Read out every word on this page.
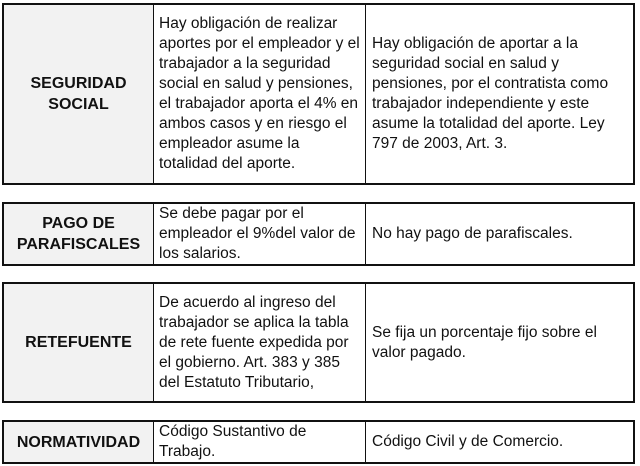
SEGURIDAD SOCIAL
Hay obligación de realizar aportes por el empleador y el trabajador a la seguridad social en salud y pensiones, el trabajador aporta el 4% en ambos casos y en riesgo el empleador asume la totalidad del aporte.
Hay obligación de aportar a la seguridad social en salud y pensiones, por el contratista como trabajador independiente y este asume la totalidad del aporte. Ley 797 de 2003, Art. 3.
PAGO DE PARAFISCALES
Se debe pagar por el empleador el 9%del valor de los salarios.
No hay pago de parafiscales.
RETEFUENTE
De acuerdo al ingreso del trabajador se aplica la tabla de rete fuente expedida por el gobierno. Art. 383 y 385 del Estatuto Tributario,
Se fija un porcentaje fijo sobre el valor pagado.
NORMATIVIDAD
Código Sustantivo de Trabajo.
Código Civil y de Comercio.
